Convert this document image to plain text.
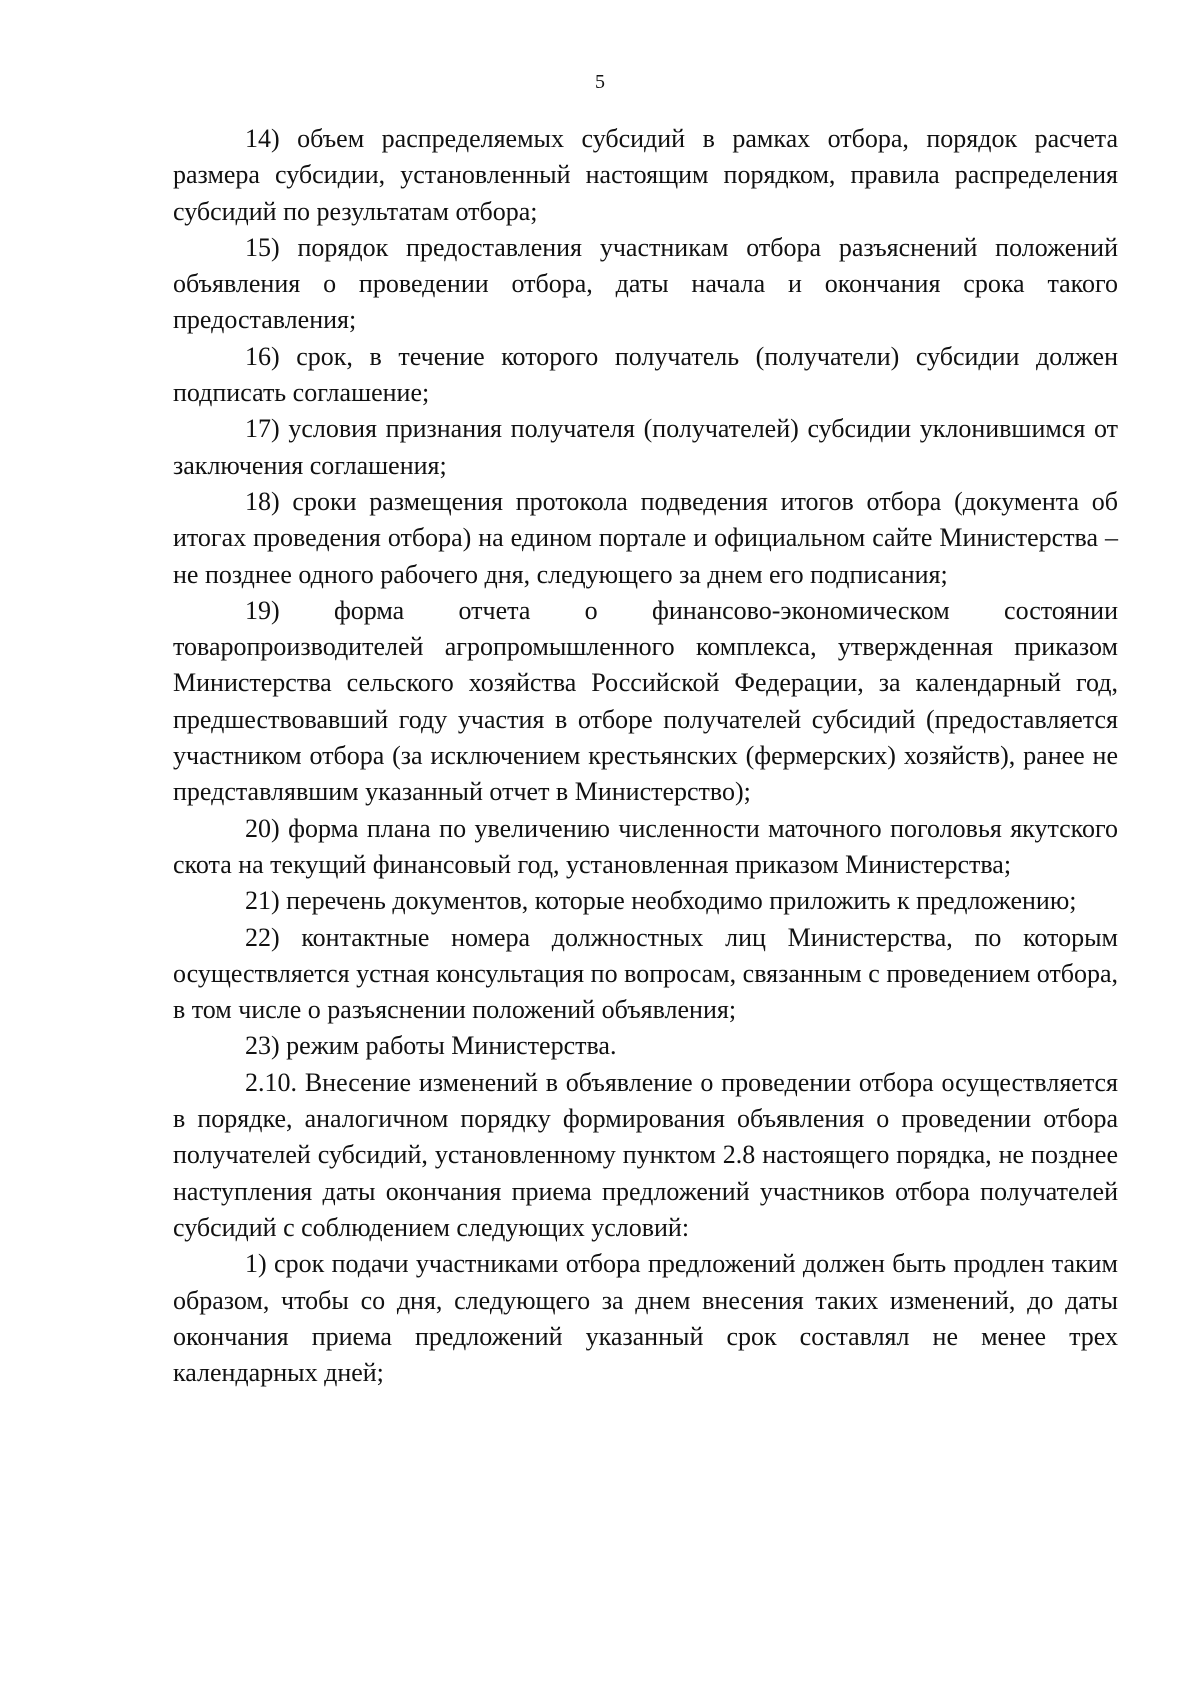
5

14) объем распределяемых субсидий в рамках отбора, порядок расчета размера субсидии, установленный настоящим порядком, правила распределения субсидий по результатам отбора;

15) порядок предоставления участникам отбора разъяснений положений объявления о проведении отбора, даты начала и окончания срока такого предоставления;

16) срок, в течение которого получатель (получатели) субсидии должен подписать соглашение;

17) условия признания получателя (получателей) субсидии уклонившимся от заключения соглашения;

18) сроки размещения протокола подведения итогов отбора (документа об итогах проведения отбора) на едином портале и официальном сайте Министерства – не позднее одного рабочего дня, следующего за днем его подписания;

19) форма отчета о финансово-экономическом состоянии товаропроизводителей агропромышленного комплекса, утвержденная приказом Министерства сельского хозяйства Российской Федерации, за календарный год, предшествовавший году участия в отборе получателей субсидий (предоставляется участником отбора (за исключением крестьянских (фермерских) хозяйств), ранее не представлявшим указанный отчет в Министерство);

20) форма плана по увеличению численности маточного поголовья якутского скота на текущий финансовый год, установленная приказом Министерства;

21) перечень документов, которые необходимо приложить к предложению;

22) контактные номера должностных лиц Министерства, по которым осуществляется устная консультация по вопросам, связанным с проведением отбора, в том числе о разъяснении положений объявления;

23) режим работы Министерства.

2.10. Внесение изменений в объявление о проведении отбора осуществляется в порядке, аналогичном порядку формирования объявления о проведении отбора получателей субсидий, установленному пунктом 2.8 настоящего порядка, не позднее наступления даты окончания приема предложений участников отбора получателей субсидий с соблюдением следующих условий:

1) срок подачи участниками отбора предложений должен быть продлен таким образом, чтобы со дня, следующего за днем внесения таких изменений, до даты окончания приема предложений указанный срок составлял не менее трех календарных дней;
